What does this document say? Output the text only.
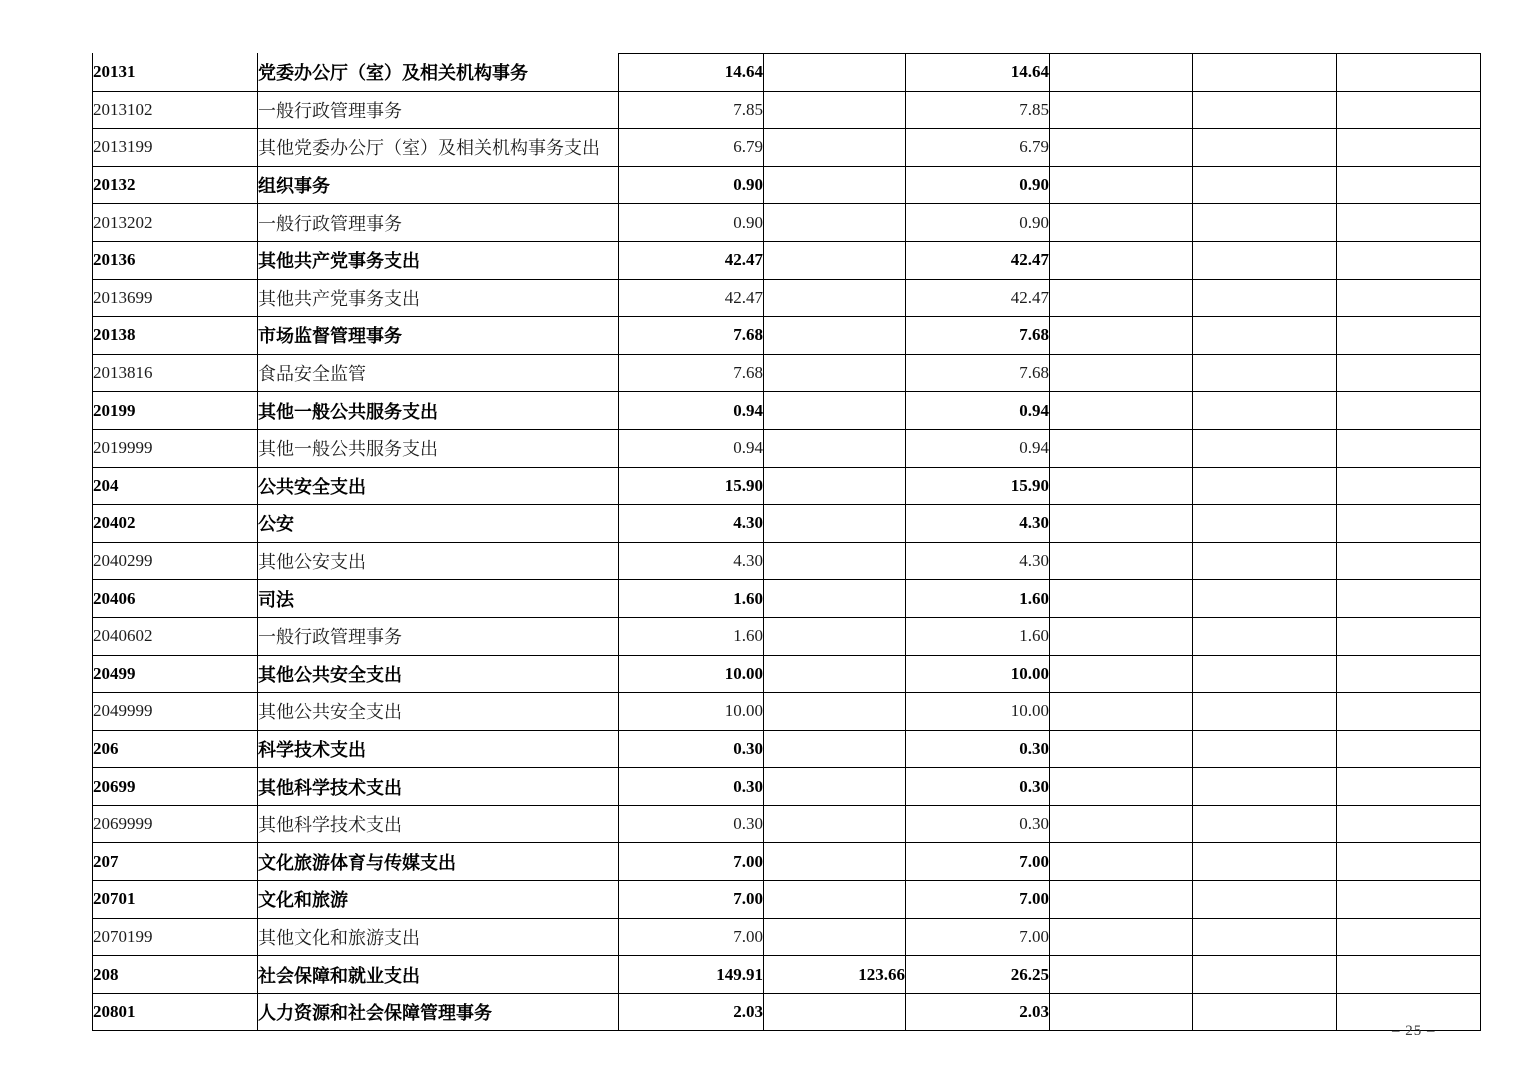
20131	党委办公厅（室）及相关机构事务	14.64		14.64			
2013102	一般行政管理事务	7.85		7.85			
2013199	其他党委办公厅（室）及相关机构事务支出	6.79		6.79			
20132	组织事务	0.90		0.90			
2013202	一般行政管理事务	0.90		0.90			
20136	其他共产党事务支出	42.47		42.47			
2013699	其他共产党事务支出	42.47		42.47			
20138	市场监督管理事务	7.68		7.68			
2013816	食品安全监管	7.68		7.68			
20199	其他一般公共服务支出	0.94		0.94			
2019999	其他一般公共服务支出	0.94		0.94			
204	公共安全支出	15.90		15.90			
20402	公安	4.30		4.30			
2040299	其他公安支出	4.30		4.30			
20406	司法	1.60		1.60			
2040602	一般行政管理事务	1.60		1.60			
20499	其他公共安全支出	10.00		10.00			
2049999	其他公共安全支出	10.00		10.00			
206	科学技术支出	0.30		0.30			
20699	其他科学技术支出	0.30		0.30			
2069999	其他科学技术支出	0.30		0.30			
207	文化旅游体育与传媒支出	7.00		7.00			
20701	文化和旅游	7.00		7.00			
2070199	其他文化和旅游支出	7.00		7.00			
208	社会保障和就业支出	149.91	123.66	26.25			
20801	人力资源和社会保障管理事务	2.03		2.03			
– 25 –
